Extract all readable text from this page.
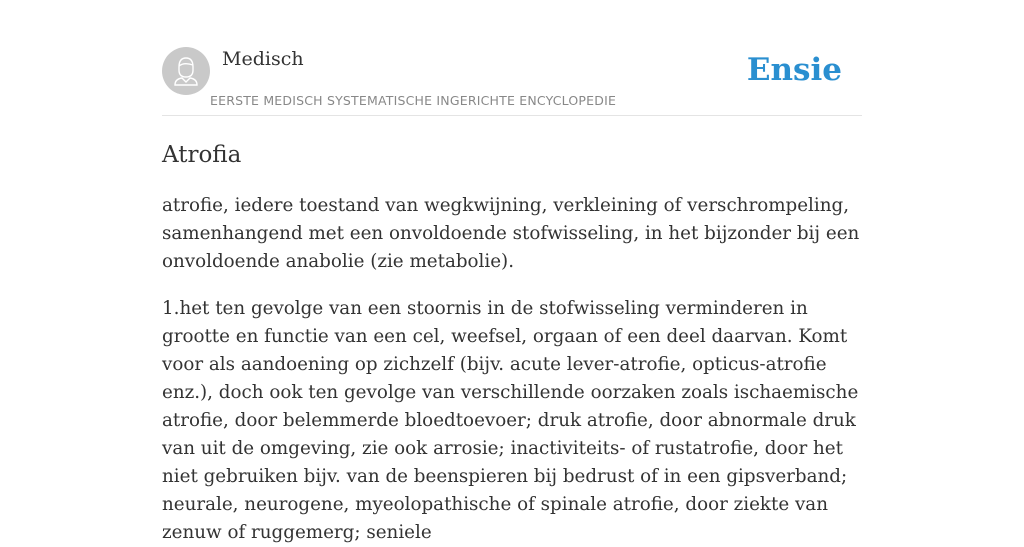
Medisch
EERSTE MEDISCH SYSTEMATISCHE INGERICHTE ENCYCLOPEDIE
Ensie
Atrofia

atrofie, iedere toestand van wegkwijning, verkleining of verschrompeling, samenhangend met een onvoldoende stofwisseling, in het bijzonder bij een onvoldoende anabolie (zie metabolie).

1.het ten gevolge van een stoornis in de stofwisseling verminderen in grootte en functie van een cel, weefsel, orgaan of een deel daarvan. Komt voor als aandoening op zichzelf (bijv. acute lever-atrofie, opticus-atrofie enz.), doch ook ten gevolge van verschillende oorzaken zoals ischaemische atrofie, door belemmerde bloedtoevoer; druk atrofie, door abnormale druk van uit de omgeving, zie ook arrosie; inactiviteits- of rustatrofie, door het niet gebruiken bijv. van de beenspieren bij bedrust of in een gipsverband; neurale, neurogene, myeolopathische of spinale atrofie, door ziekte van zenuw of ruggemerg; seniele
